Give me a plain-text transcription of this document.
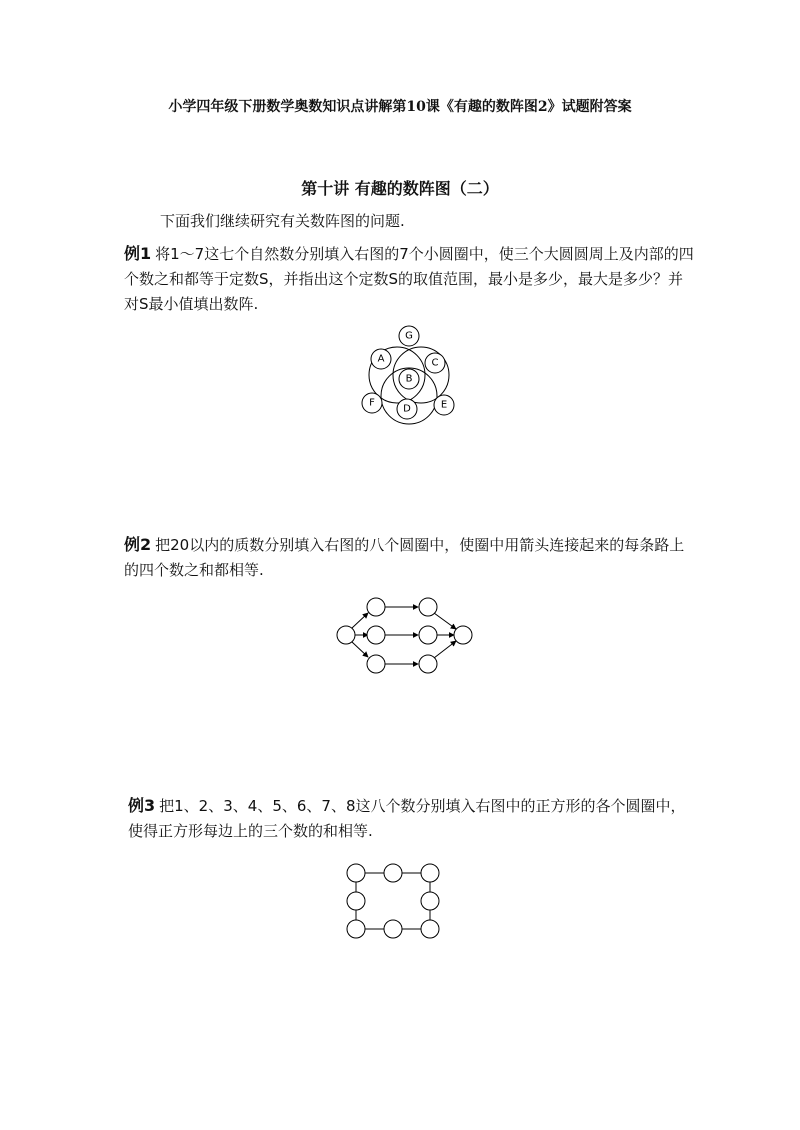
小学四年级下册数学奥数知识点讲解第10课《有趣的数阵图2》试题附答案
第十讲 有趣的数阵图（二）
下面我们继续研究有关数阵图的问题.
例1 将1～7这七个自然数分别填入右图的7个小圆圈中，使三个大圆圆周上及内部的四个数之和都等于定数S，并指出这个定数S的取值范围，最小是多少，最大是多少？并对S最小值填出数阵.
G
A	C
B
F
D	E
例2 把20以内的质数分别填入右图的八个圆圈中，使圈中用箭头连接起来的每条路上的四个数之和都相等.
例3 把1、2、3、4、5、6、7、8这八个数分别填入右图中的正方形的各个圆圈中，使得正方形每边上的三个数的和相等.
